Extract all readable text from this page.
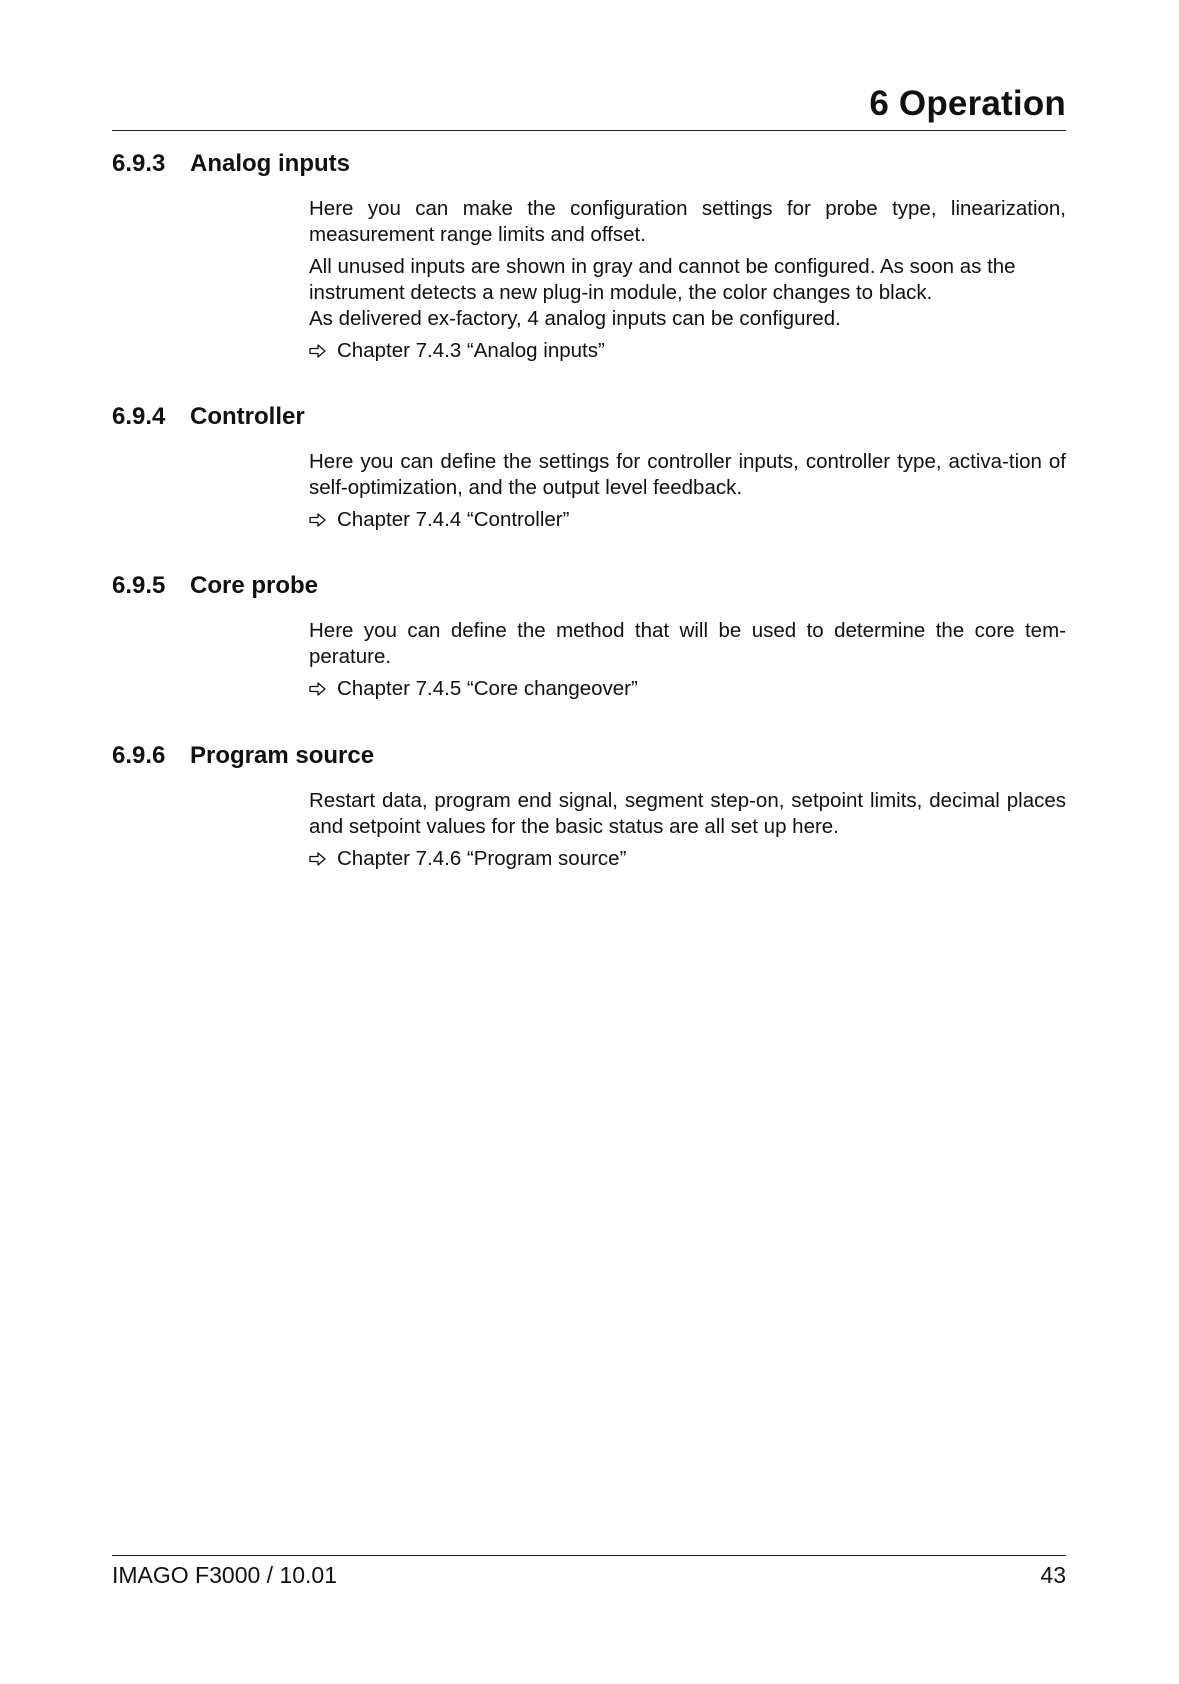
6 Operation
6.9.3 Analog inputs

Here you can make the configuration settings for probe type, linearization, measurement range limits and offset.

All unused inputs are shown in gray and cannot be configured. As soon as the instrument detects a new plug-in module, the color changes to black.

As delivered ex-factory, 4 analog inputs can be configured.

Chapter 7.4.3 “Analog inputs”
6.9.4 Controller

Here you can define the settings for controller inputs, controller type, activa-tion of self-optimization, and the output level feedback.

Chapter 7.4.4 “Controller”
6.9.5 Core probe

Here you can define the method that will be used to determine the core tem-perature.

Chapter 7.4.5 “Core changeover”
6.9.6 Program source

Restart data, program end signal, segment step-on, setpoint limits, decimal places and setpoint values for the basic status are all set up here.

Chapter 7.4.6 “Program source”
IMAGO F3000 / 10.01	43
